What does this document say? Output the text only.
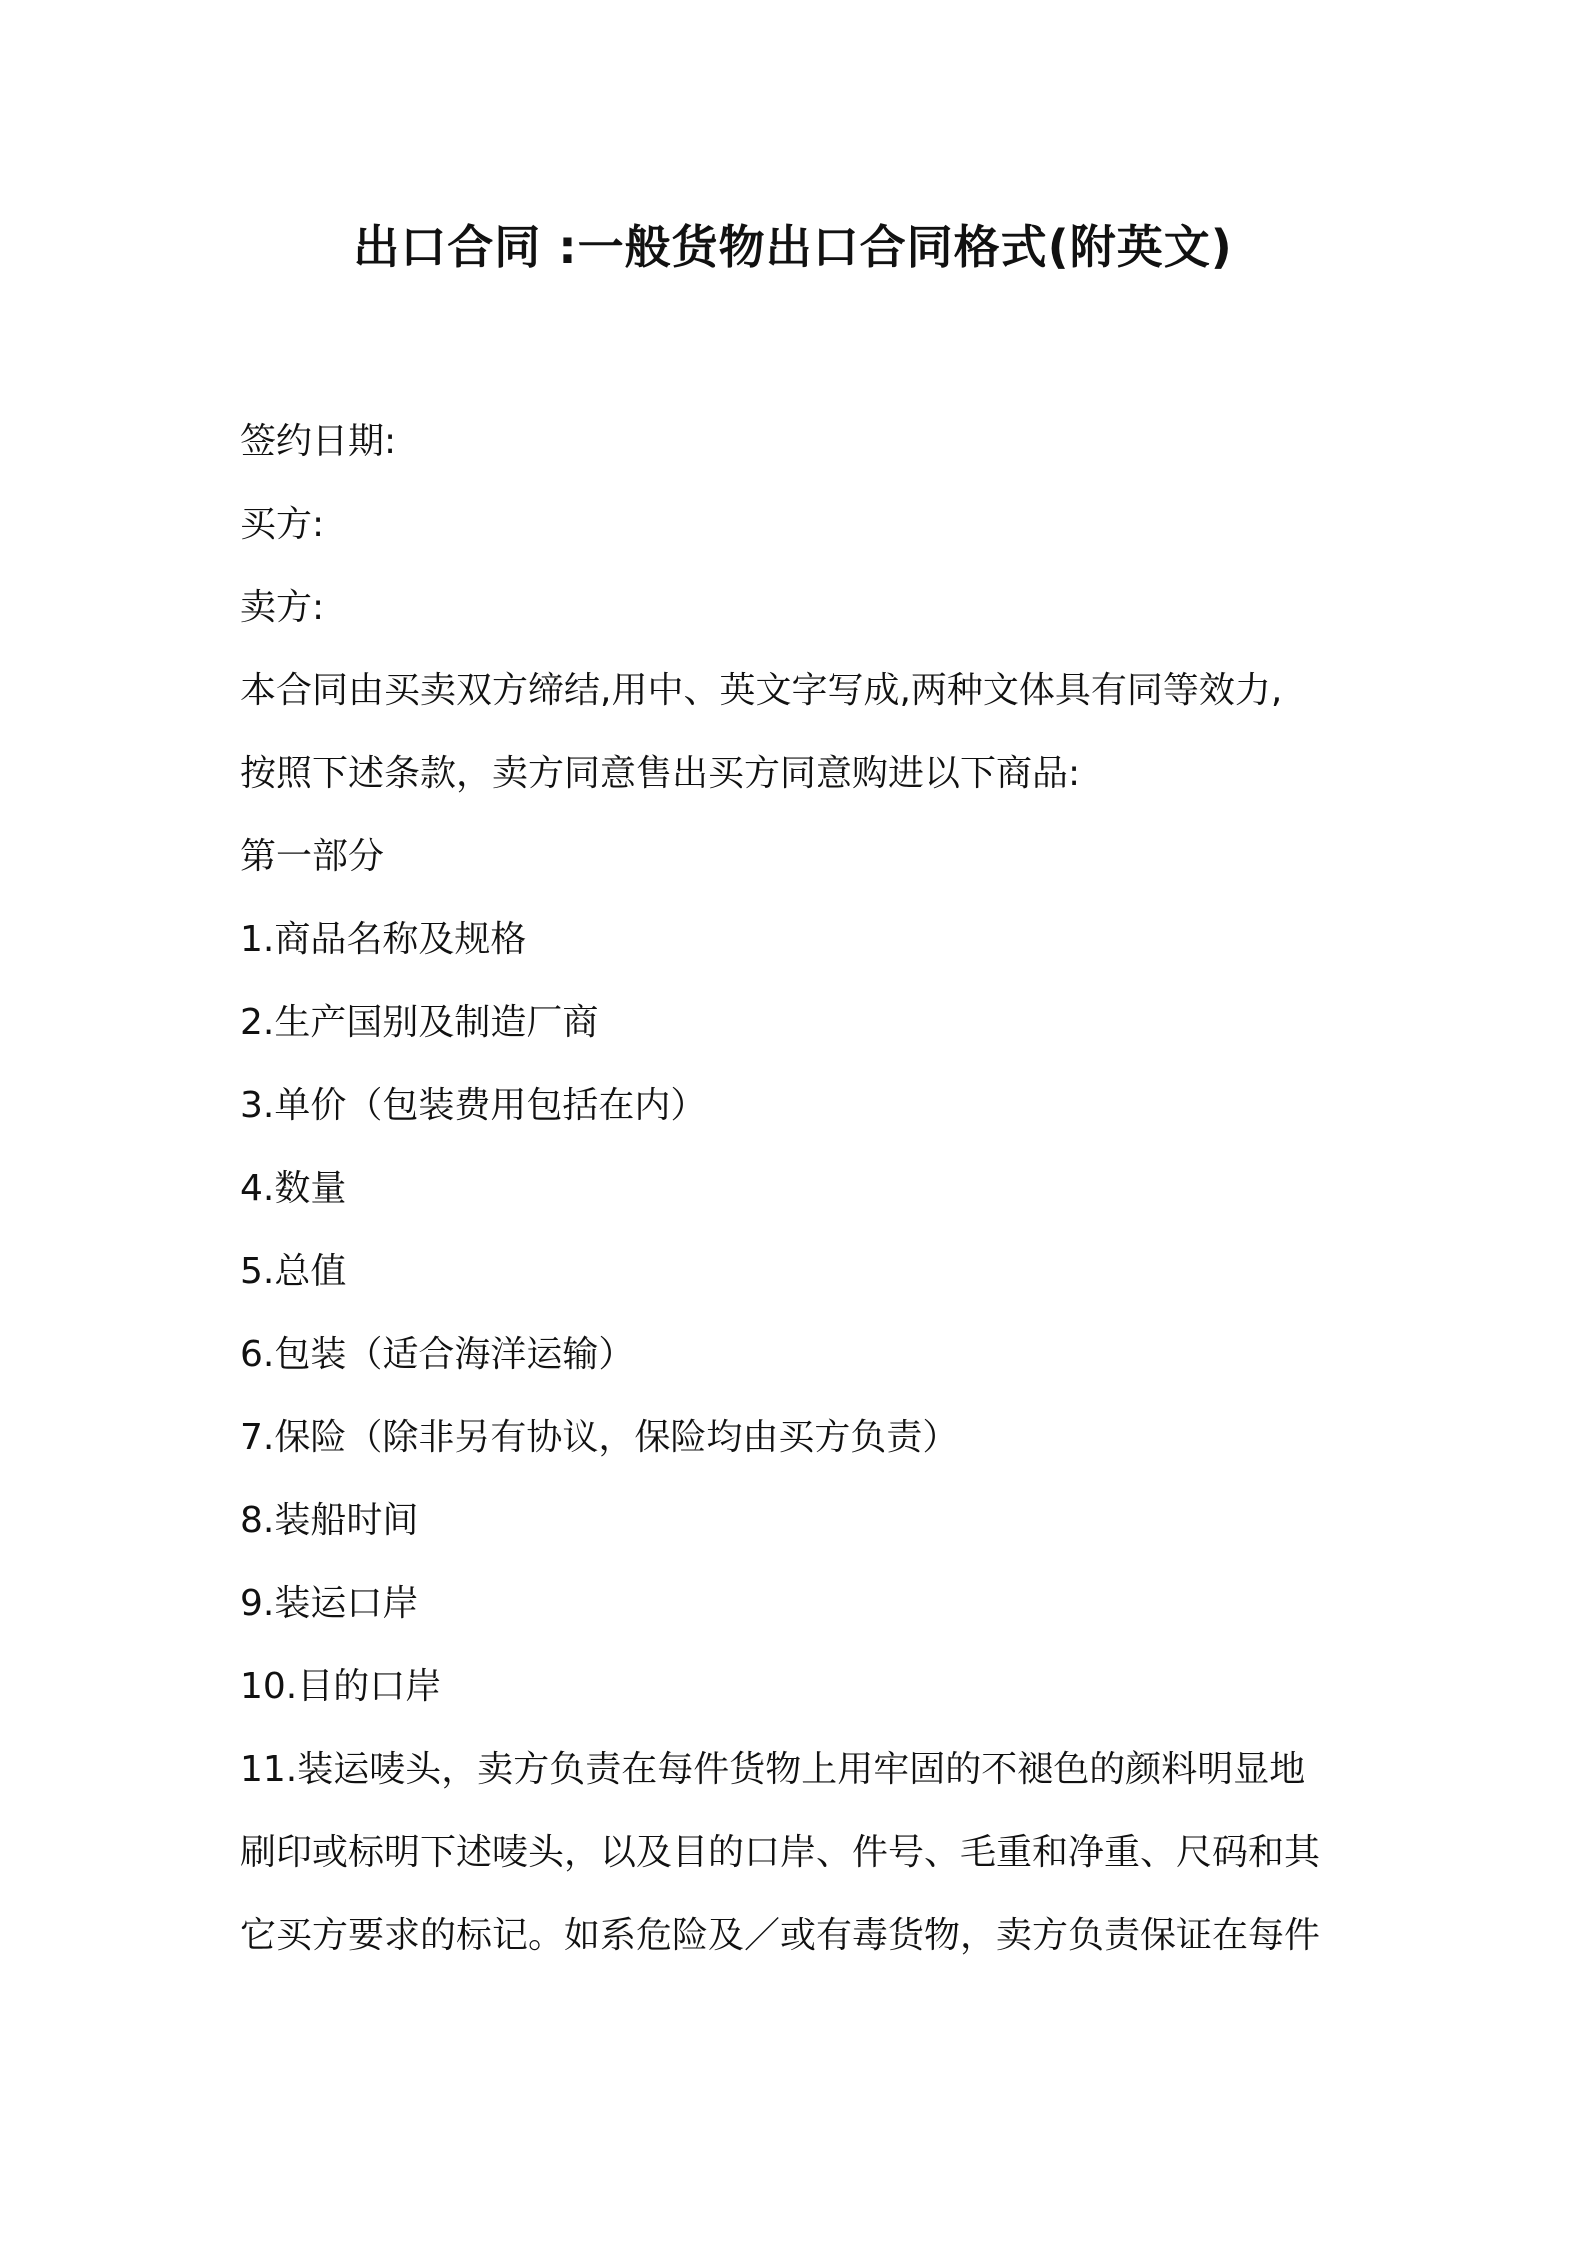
出口合同 :一般货物出口合同格式(附英文)

签约日期:

买方:

卖方:

本合同由买卖双方缔结,用中、英文字写成,两种文体具有同等效力,

按照下述条款，卖方同意售出买方同意购进以下商品:

第一部分

1.商品名称及规格

2.生产国别及制造厂商

3.单价（包装费用包括在内）

4.数量

5.总值

6.包装（适合海洋运输）

7.保险（除非另有协议，保险均由买方负责）

8.装船时间

9.装运口岸

10.目的口岸

11.装运唛头，卖方负责在每件货物上用牢固的不褪色的颜料明显地

刷印或标明下述唛头，以及目的口岸、件号、毛重和净重、尺码和其

它买方要求的标记。如系危险及／或有毒货物，卖方负责保证在每件
